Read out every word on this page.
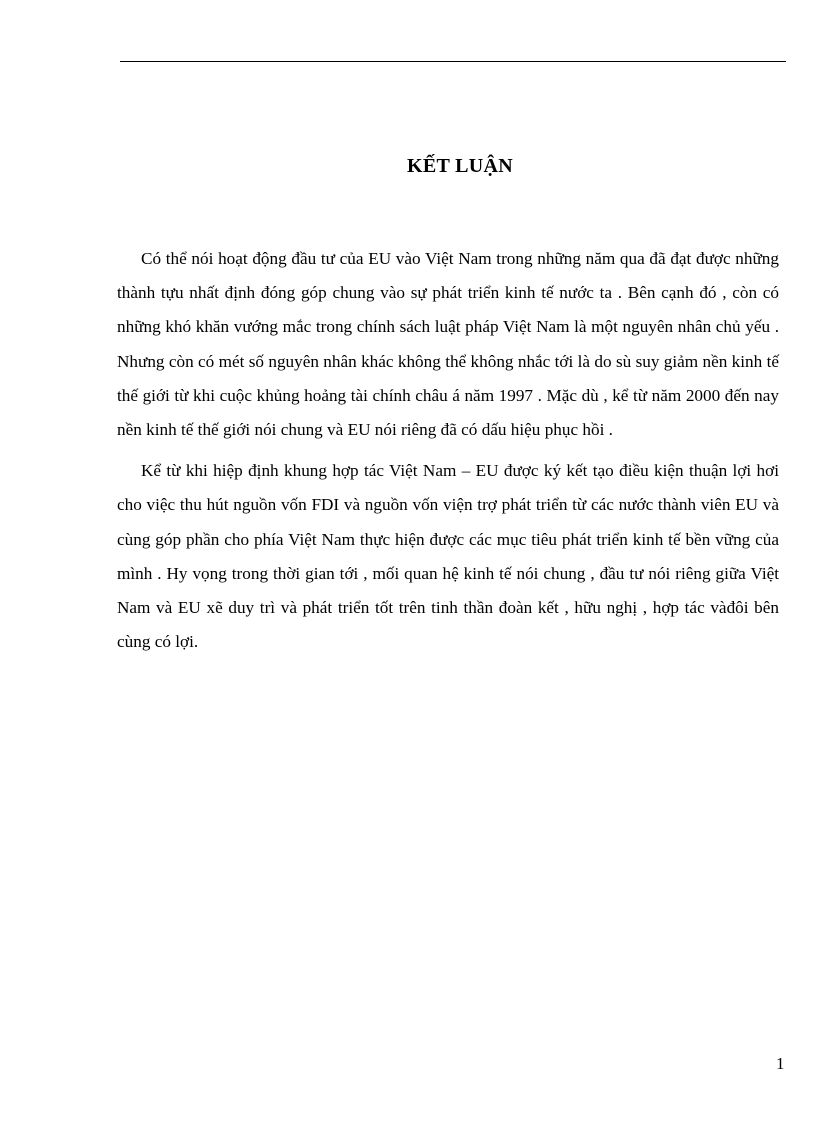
KẾT LUẬN

Có thể nói hoạt động đầu tư của EU vào Việt Nam trong những năm qua đã đạt được những thành tựu nhất định đóng góp chung vào sự phát triển kinh tế nước ta . Bên cạnh đó , còn có những khó khăn vướng mắc trong chính sách luật pháp Việt Nam là một nguyên nhân chủ yếu . Nhưng còn có mét số nguyên nhân khác không thể không nhắc tới là do sù suy giảm nền kinh tế thế giới từ khi cuộc khủng hoảng tài chính châu á năm 1997 . Mặc dù , kể từ năm 2000 đến nay nền kinh tế thế giới nói chung và EU nói riêng đã có dấu hiệu phục hồi .

Kể từ khi hiệp định khung hợp tác Việt Nam – EU được ký kết tạo điều kiện thuận lợi hơi cho việc thu hút nguồn vốn FDI và nguồn vốn viện trợ phát triển từ các nước thành viên EU và cùng góp phần cho phía Việt Nam thực hiện được các mục tiêu phát triển kinh tế bền vững của mình . Hy vọng trong thời gian tới , mối quan hệ kinh tế nói chung , đầu tư nói riêng giữa Việt Nam và EU xẽ duy trì và phát triển tốt trên tinh thần đoàn kết , hữu nghị , hợp tác vàđôi bên cùng có lợi.

1
